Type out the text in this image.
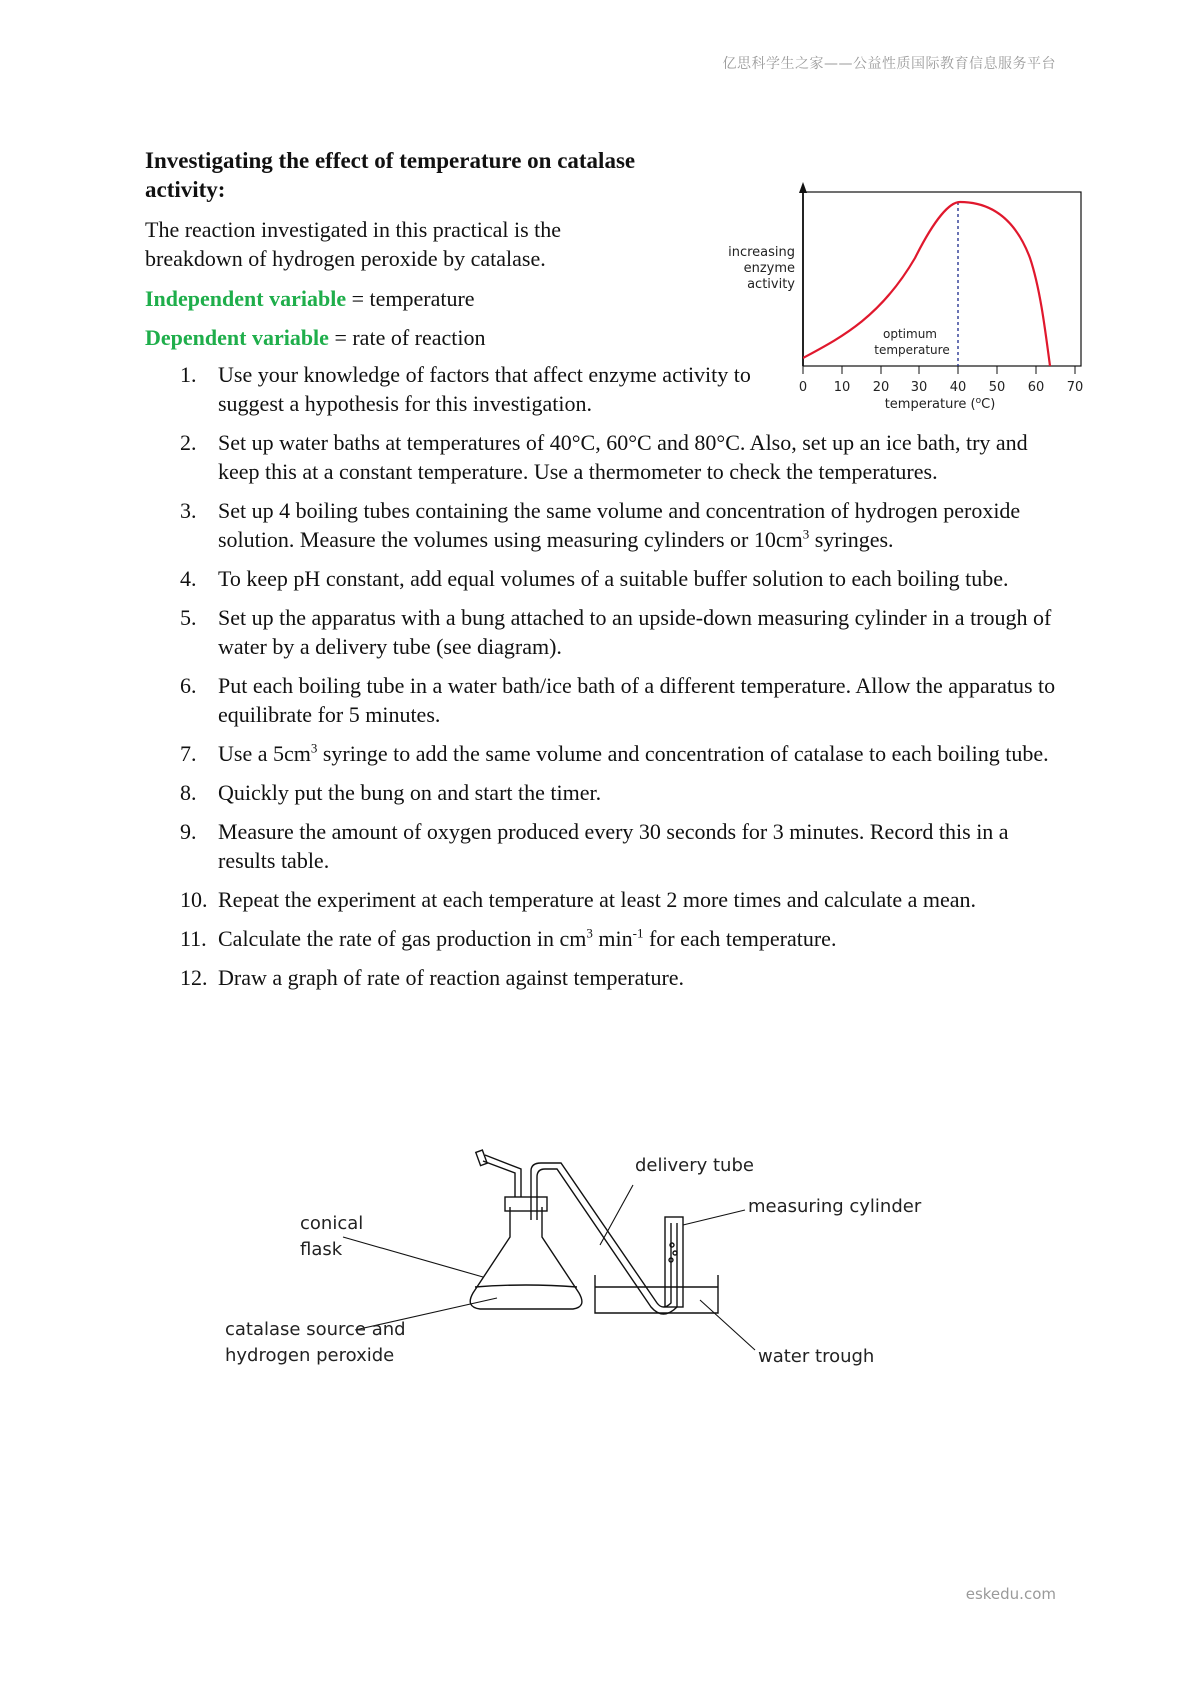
亿思科学生之家——公益性质国际教育信息服务平台
Investigating the effect of temperature on catalase activity:
The reaction investigated in this practical is the breakdown of hydrogen peroxide by catalase.
Independent variable = temperature
Dependent variable = rate of reaction
1. Use your knowledge of factors that affect enzyme activity to suggest a hypothesis for this investigation.
2. Set up water baths at temperatures of 40°C, 60°C and 80°C. Also, set up an ice bath, try and keep this at a constant temperature. Use a thermometer to check the temperatures.
3. Set up 4 boiling tubes containing the same volume and concentration of hydrogen peroxide solution. Measure the volumes using measuring cylinders or $10cm^3$ syringes.
4. To keep pH constant, add equal volumes of a suitable buffer solution to each boiling tube.
5. Set up the apparatus with a bung attached to an upside-down measuring cylinder in a trough of water by a delivery tube (see diagram).
6. Put each boiling tube in a water bath/ice bath of a different temperature. Allow the apparatus to equilibrate for 5 minutes.
7. Use a $5cm^3$ syringe to add the same volume and concentration of catalase to each boiling tube.
8. Quickly put the bung on and start the timer.
9. Measure the amount of oxygen produced every 30 seconds for 3 minutes. Record this in a results table.
10. Repeat the experiment at each temperature at least 2 more times and calculate a mean.
11. Calculate the rate of gas production in $cm^3$ $\min^{-1}$ for each temperature.
12. Draw a graph of rate of reaction against temperature.
0 10 20 30 40 50 60 70
temperature ($^o$C)
increasing
enzyme
activity
optimum
temperature
conical
flask
catalase source and
hydrogen peroxide
delivery tube
measuring cylinder
water trough
eskedu.com
